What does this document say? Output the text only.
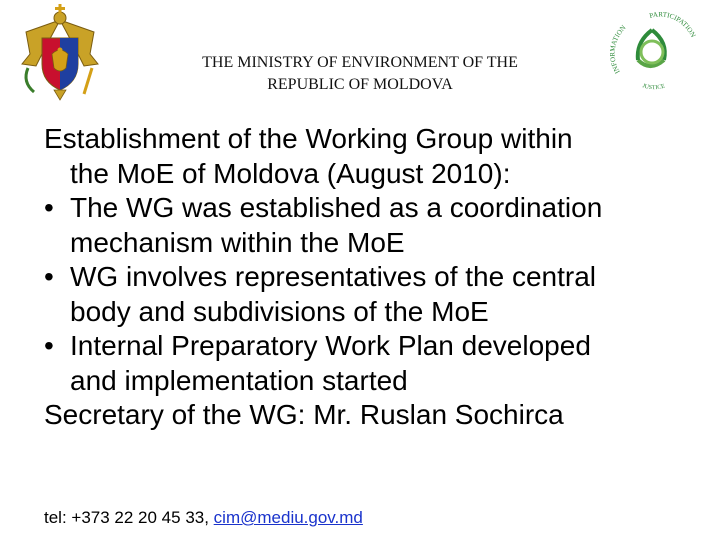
INFORMATION
PARTICIPATION
JUSTICE
THE MINISTRY OF ENVIRONMENT OF THE
REPUBLIC OF MOLDOVA
Establishment of the Working Group within
the MoE of Moldova (August 2010):
• The WG was established as a coordination
mechanism within the MoE
• WG involves representatives of the central
body and subdivisions of the MoE
• Internal Preparatory Work Plan developed
and implementation started
Secretary of the WG: Mr. Ruslan Sochirca
tel: +373 22 20 45 33, cim@mediu.gov.md
